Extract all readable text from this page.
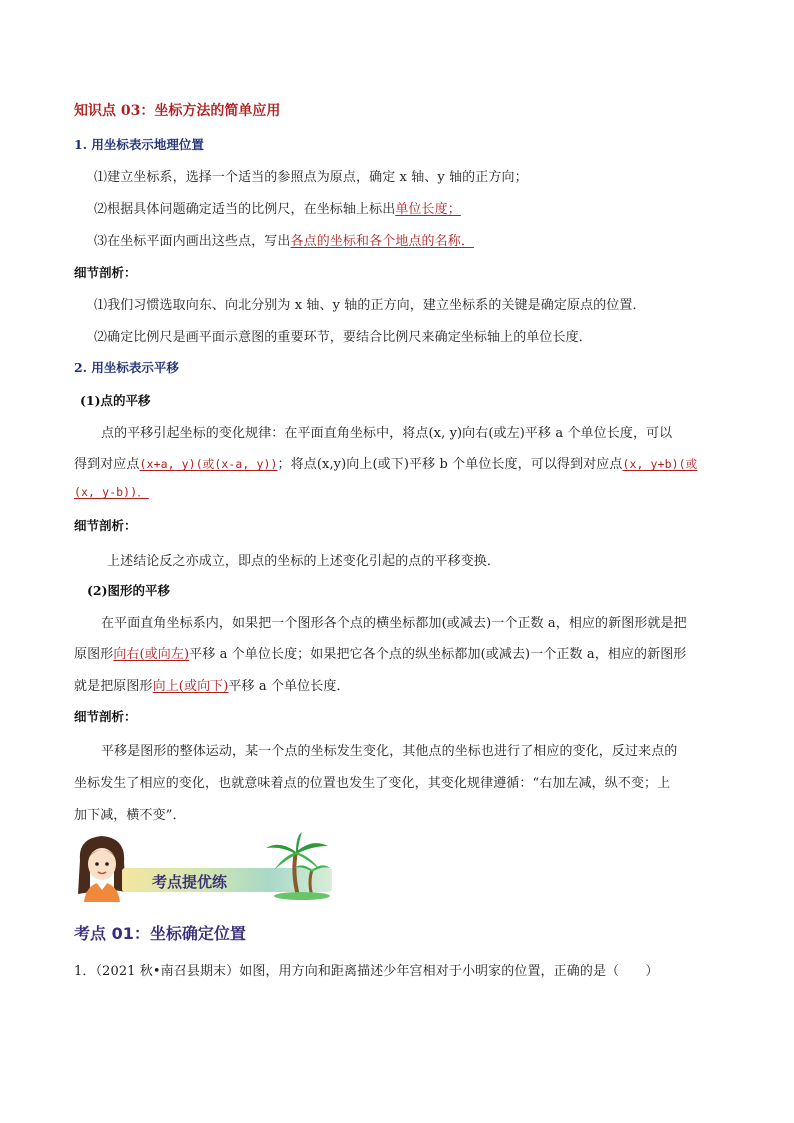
知识点 03：坐标方法的简单应用
1. 用坐标表示地理位置
⑴建立坐标系，选择一个适当的参照点为原点，确定 x 轴、y 轴的正方向；
⑵根据具体问题确定适当的比例尺，在坐标轴上标出单位长度；
⑶在坐标平面内画出这些点，写出各点的坐标和各个地点的名称．
细节剖析：
⑴我们习惯选取向东、向北分别为 x 轴、y 轴的正方向，建立坐标系的关键是确定原点的位置．
⑵确定比例尺是画平面示意图的重要环节，要结合比例尺来确定坐标轴上的单位长度．
2. 用坐标表示平移
(1)点的平移
点的平移引起坐标的变化规律：在平面直角坐标中，将点(x, y)向右(或左)平移 a 个单位长度，可以
得到对应点(x+a, y)(或(x-a, y))；将点(x,y)向上(或下)平移 b 个单位长度，可以得到对应点(x, y+b)(或
(x, y-b))．
细节剖析：
上述结论反之亦成立，即点的坐标的上述变化引起的点的平移变换．
(2)图形的平移
在平面直角坐标系内，如果把一个图形各个点的横坐标都加(或减去)一个正数 a，相应的新图形就是把
原图形向右(或向左)平移 a 个单位长度；如果把它各个点的纵坐标都加(或减去)一个正数 a，相应的新图形
就是把原图形向上(或向下)平移 a 个单位长度．
细节剖析：
平移是图形的整体运动，某一个点的坐标发生变化，其他点的坐标也进行了相应的变化，反过来点的
坐标发生了相应的变化，也就意味着点的位置也发生了变化，其变化规律遵循：“右加左减，纵不变；上
加下减，横不变”．
考点提优练
考点 01：坐标确定位置
1．（2021 秋•南召县期末）如图，用方向和距离描述少年宫相对于小明家的位置，正确的是（　　）
